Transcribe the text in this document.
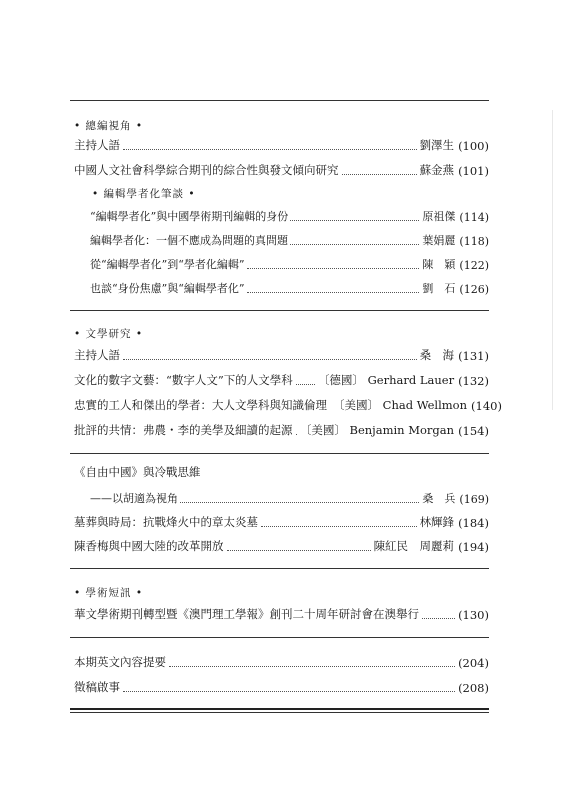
• 總編視角 •
主持人語	劉澤生 (100)
中國人文社會科學綜合期刊的綜合性與發文傾向研究	蘇金燕 (101)
• 編輯學者化筆談 •
“編輯學者化”與中國學術期刊編輯的身份	原祖傑 (114)
編輯學者化：一個不應成為問題的真問題	葉娟麗 (118)
從“編輯學者化”到“學者化編輯”	陳　穎 (122)
也談“身份焦慮”與“編輯學者化”	劉　石 (126)
• 文學研究 •
主持人語	桑　海 (131)
文化的數字文藝：“數字人文”下的人文學科 〔德國〕 Gerhard Lauer (132)
忠實的工人和傑出的學者：大人文學科與知識倫理 〔美國〕 Chad Wellmon (140)
批評的共情：弗農・李的美學及細讀的起源 〔美國〕 Benjamin Morgan (154)
《自由中國》與冷戰思維
——以胡適為視角	桑　兵 (169)
墓葬與時局：抗戰烽火中的章太炎墓	林輝鋒 (184)
陳香梅與中國大陸的改革開放	陳紅民　周麗莉 (194)
• 學術短訊 •
華文學術期刊轉型暨《澳門理工學報》創刊二十周年研討會在澳舉行	(130)
本期英文內容提要	(204)
徵稿啟事	(208)
